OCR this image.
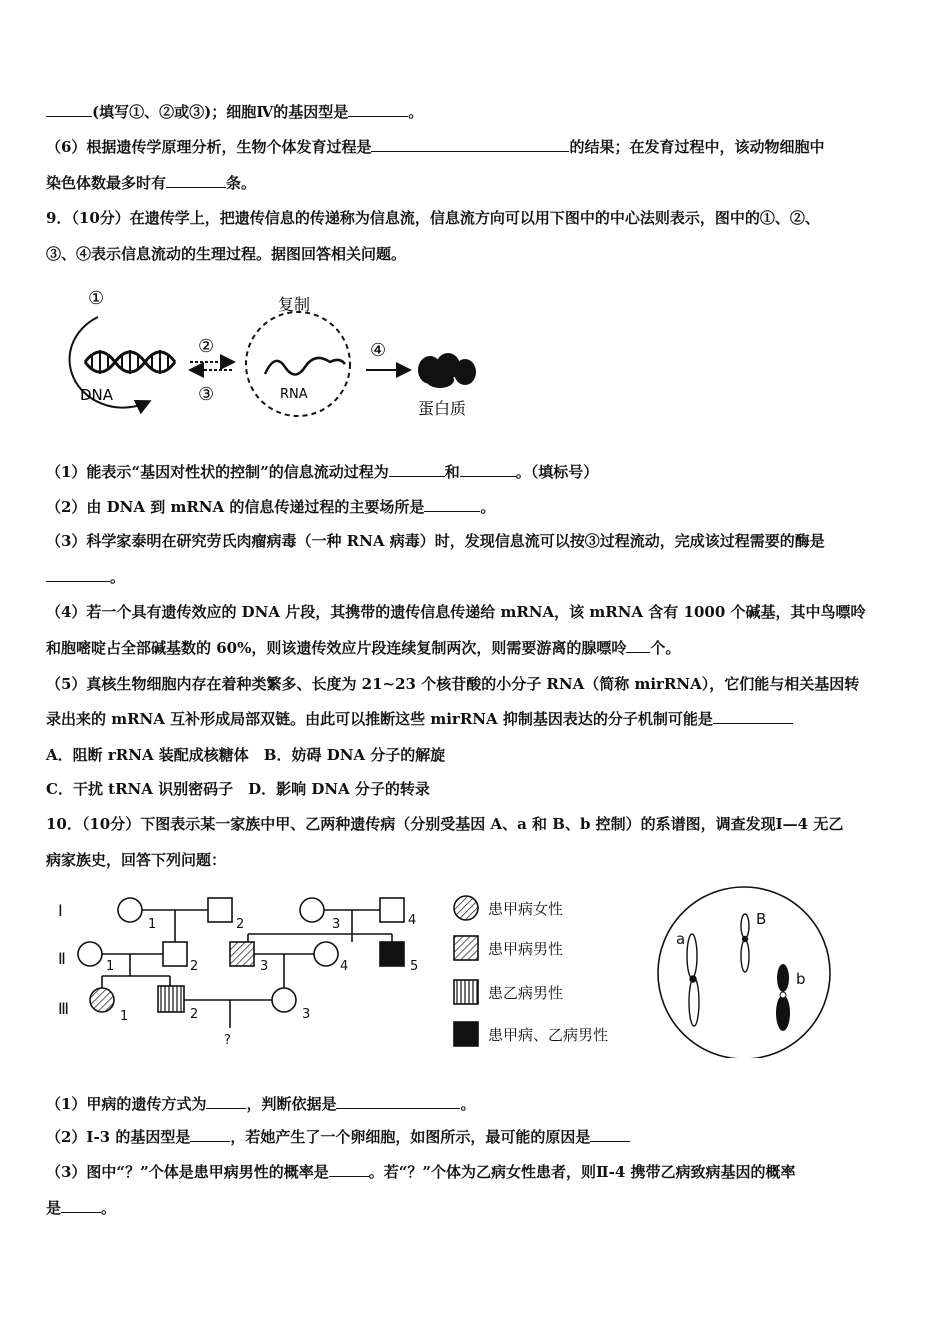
(填写①、②或③)；细胞Ⅳ的基因型是	。
（6）根据遗传学原理分析，生物个体发育过程是	的结果；在发育过程中，该动物细胞中
染色体数最多时有	条。
9．（10分）在遗传学上，把遗传信息的传递称为信息流，信息流方向可以用下图中的中心法则表示，图中的①、②、
③、④表示信息流动的生理过程。据图回答相关问题。
①
DNA
②
③
复制
RNA
④
蛋白质
（1）能表示“基因对性状的控制”的信息流动过程为	和	。（填标号）
（2）由 DNA 到 mRNA 的信息传递过程的主要场所是	。
（3）科学家泰明在研究劳氏肉瘤病毒（一种 RNA 病毒）时，发现信息流可以按③过程流动，完成该过程需要的酶是
。
（4）若一个具有遗传效应的 DNA 片段，其携带的遗传信息传递给 mRNA，该 mRNA 含有 1000 个碱基，其中鸟嘌呤
和胞嘧啶占全部碱基数的 60%，则该遗传效应片段连续复制两次，则需要游离的腺嘌呤 个。
（5）真核生物细胞内存在着种类繁多、长度为 21~23 个核苷酸的小分子 RNA（简称 mirRNA），它们能与相关基因转
录出来的 mRNA 互补形成局部双链。由此可以推断这些 mirRNA 抑制基因表达的分子机制可能是
A．阻断 rRNA 装配成核糖体　B．妨碍 DNA 分子的解旋
C．干扰 tRNA 识别密码子　D．影响 DNA 分子的转录
10．（10分）下图表示某一家族中甲、乙两种遗传病（分别受基因 A、a 和 B、b 控制）的系谱图，调查发现Ⅰ—4 无乙
病家族史，回答下列问题：
Ⅰ
Ⅱ
Ⅲ
1	2	3	4
1	2	3	4	5
1	2	3
?
患甲病女性
患甲病男性
患乙病男性
患甲病、乙病男性
a
B
b
（1）甲病的遗传方式为	，判断依据是	。
（2）Ⅰ-3 的基因型是	，若她产生了一个卵细胞，如图所示，最可能的原因是
（3）图中“？”个体是患甲病男性的概率是	。若“？”个体为乙病女性患者，则Ⅱ-4 携带乙病致病基因的概率
是	。
